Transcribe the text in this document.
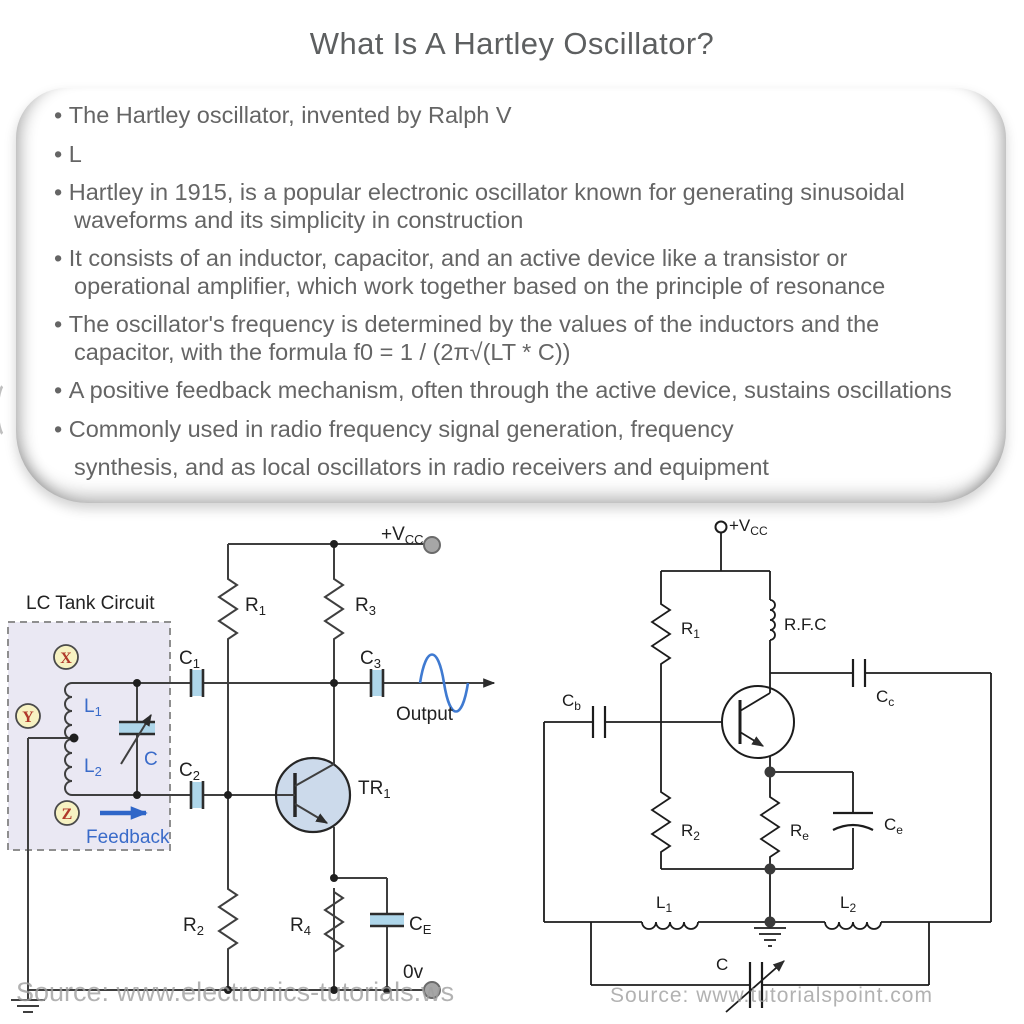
What Is A Hartley Oscillator?
• The Hartley oscillator, invented by Ralph V
• L
• Hartley in 1915, is a popular electronic oscillator known for generating sinusoidal waveforms and its simplicity in construction
• It consists of an inductor, capacitor, and an active device like a transistor or operational amplifier, which work together based on the principle of resonance
• The oscillator's frequency is determined by the values of the inductors and the capacitor, with the formula f0 = 1 / (2π√(LT * C))
• A positive feedback mechanism, often through the active device, sustains oscillations
• Commonly used in radio frequency signal generation, frequency
synthesis, and as local oscillators in radio receivers and equipment
LC Tank Circuit
X
Y
Z
$L_1$
$L_2$
C
Feedback
$C_1$
$C_2$
$C_3$
$R_1$	$R_3$
$R_2$	$R_4$	$C_E$
$TR_1$
$+V_{CC}$
0v
Output
Source: www.electronics-tutorials.ws
$+V_{CC}$
$R_1$	R.F.C
$C_c$
$C_b$
$R_2$	$R_e$
$C_e$
$L_1$	$L_2$
C
Source: www.tutorialspoint.com
